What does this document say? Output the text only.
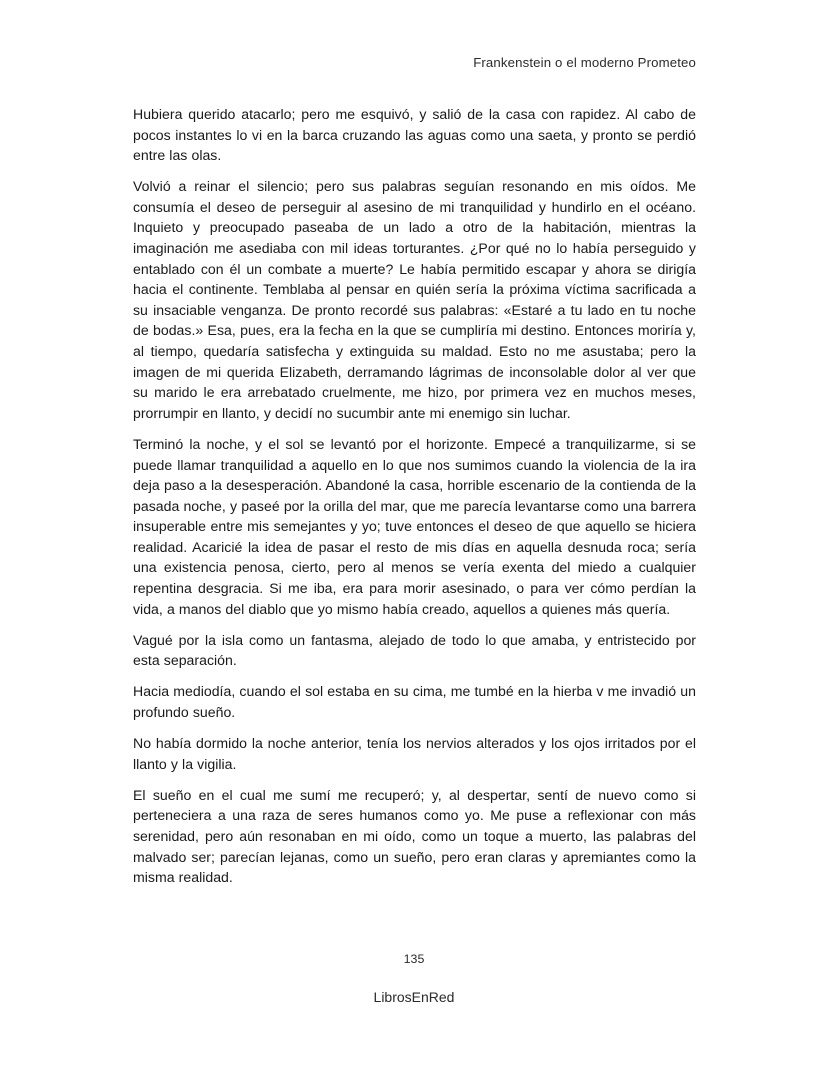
Frankenstein o el moderno Prometeo

Hubiera querido atacarlo; pero me esquivó, y salió de la casa con rapidez. Al cabo de pocos instantes lo vi en la barca cruzando las aguas como una saeta, y pronto se perdió entre las olas.

Volvió a reinar el silencio; pero sus palabras seguían resonando en mis oídos. Me consumía el deseo de perseguir al asesino de mi tranquilidad y hundirlo en el océano. Inquieto y preocupado paseaba de un lado a otro de la habitación, mientras la imaginación me asediaba con mil ideas torturantes. ¿Por qué no lo había perseguido y entablado con él un combate a muerte? Le había permitido escapar y ahora se dirigía hacia el continente. Temblaba al pensar en quién sería la próxima víctima sacrificada a su insaciable venganza. De pronto recordé sus palabras: «Estaré a tu lado en tu noche de bodas.» Esa, pues, era la fecha en la que se cumpliría mi destino. Entonces moriría y, al tiempo, quedaría satisfecha y extinguida su maldad. Esto no me asustaba; pero la imagen de mi querida Elizabeth, derramando lágrimas de inconsolable dolor al ver que su marido le era arrebatado cruelmente, me hizo, por primera vez en muchos meses, prorrumpir en llanto, y decidí no sucumbir ante mi enemigo sin luchar.

Terminó la noche, y el sol se levantó por el horizonte. Empecé a tranquilizarme, si se puede llamar tranquilidad a aquello en lo que nos sumimos cuando la violencia de la ira deja paso a la desesperación. Abandoné la casa, horrible escenario de la contienda de la pasada noche, y paseé por la orilla del mar, que me parecía levantarse como una barrera insuperable entre mis semejantes y yo; tuve entonces el deseo de que aquello se hiciera realidad. Acaricié la idea de pasar el resto de mis días en aquella desnuda roca; sería una existencia penosa, cierto, pero al menos se vería exenta del miedo a cualquier repentina desgracia. Si me iba, era para morir asesinado, o para ver cómo perdían la vida, a manos del diablo que yo mismo había creado, aquellos a quienes más quería.

Vagué por la isla como un fantasma, alejado de todo lo que amaba, y entristecido por esta separación.

Hacia mediodía, cuando el sol estaba en su cima, me tumbé en la hierba v me invadió un profundo sueño.

No había dormido la noche anterior, tenía los nervios alterados y los ojos irritados por el llanto y la vigilia.

El sueño en el cual me sumí me recuperó; y, al despertar, sentí de nuevo como si perteneciera a una raza de seres humanos como yo. Me puse a reflexionar con más serenidad, pero aún resonaban en mi oído, como un toque a muerto, las palabras del malvado ser; parecían lejanas, como un sueño, pero eran claras y apremiantes como la misma realidad.

135

LibrosEnRed
